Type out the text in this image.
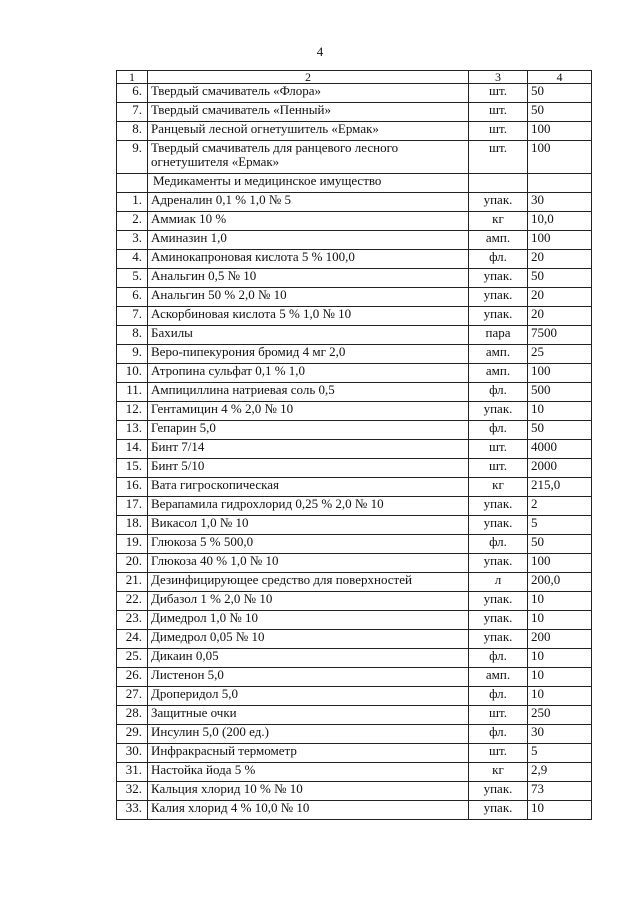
4
1	2	3	4
6.	Твердый смачиватель «Флора»	шт.	50
7.	Твердый смачиватель «Пенный»	шт.	50
8.	Ранцевый лесной огнетушитель «Ермак»	шт.	100
9.	Твердый смачиватель для ранцевого лесного огнетушителя «Ермак»	шт.	100
	Медикаменты и медицинское имущество		
1.	Адреналин 0,1 % 1,0 № 5	упак.	30
2.	Аммиак 10 %	кг	10,0
3.	Аминазин 1,0	амп.	100
4.	Аминокапроновая кислота 5 % 100,0	фл.	20
5.	Анальгин 0,5 № 10	упак.	50
6.	Анальгин 50 % 2,0 № 10	упак.	20
7.	Аскорбиновая кислота 5 % 1,0 № 10	упак.	20
8.	Бахилы	пара	7500
9.	Веро-пипекурония бромид 4 мг 2,0	амп.	25
10.	Атропина сульфат 0,1 % 1,0	амп.	100
11.	Ампициллина натриевая соль 0,5	фл.	500
12.	Гентамицин 4 % 2,0 № 10	упак.	10
13.	Гепарин 5,0	фл.	50
14.	Бинт 7/14	шт.	4000
15.	Бинт 5/10	шт.	2000
16.	Вата гигроскопическая	кг	215,0
17.	Верапамила гидрохлорид 0,25 % 2,0 № 10	упак.	2
18.	Викасол 1,0 № 10	упак.	5
19.	Глюкоза 5 % 500,0	фл.	50
20.	Глюкоза 40 % 1,0 № 10	упак.	100
21.	Дезинфицирующее средство для поверхностей	л	200,0
22.	Дибазол 1 % 2,0 № 10	упак.	10
23.	Димедрол 1,0 № 10	упак.	10
24.	Димедрол 0,05 № 10	упак.	200
25.	Дикаин 0,05	фл.	10
26.	Листенон 5,0	амп.	10
27.	Дроперидол 5,0	фл.	10
28.	Защитные очки	шт.	250
29.	Инсулин 5,0 (200 ед.)	фл.	30
30.	Инфракрасный термометр	шт.	5
31.	Настойка йода 5 %	кг	2,9
32.	Кальция хлорид 10 % № 10	упак.	73
33.	Калия хлорид 4 % 10,0 № 10	упак.	10
